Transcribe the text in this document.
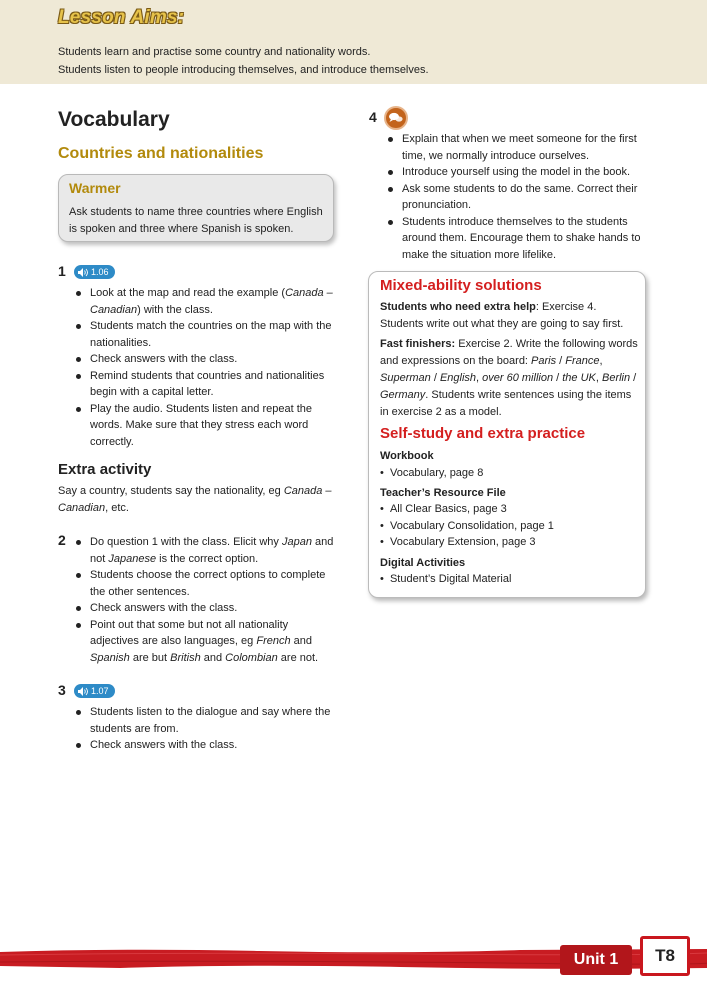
Lesson Aims:
Students learn and practise some country and nationality words.
Students listen to people introducing themselves, and introduce themselves.
Vocabulary
Countries and nationalities
Warmer
Ask students to name three countries where English is spoken and three where Spanish is spoken.
1	1.06
Look at the map and read the example (Canada – Canadian) with the class.
Students match the countries on the map with the nationalities.
Check answers with the class.
Remind students that countries and nationalities begin with a capital letter.
Play the audio. Students listen and repeat the words. Make sure that they stress each word correctly.
Extra activity
Say a country, students say the nationality, eg Canada – Canadian, etc.
2	Do question 1 with the class. Elicit why Japan and not Japanese is the correct option.
Students choose the correct options to complete the other sentences.
Check answers with the class.
Point out that some but not all nationality adjectives are also languages, eg French and Spanish are but British and Colombian are not.
3	1.07
Students listen to the dialogue and say where the students are from.
Check answers with the class.
4
Explain that when we meet someone for the first time, we normally introduce ourselves.
Introduce yourself using the model in the book.
Ask some students to do the same. Correct their pronunciation.
Students introduce themselves to the students around them. Encourage them to shake hands to make the situation more lifelike.
Mixed-ability solutions
Students who need extra help: Exercise 4. Students write out what they are going to say first.
Fast finishers: Exercise 2. Write the following words and expressions on the board: Paris / France, Superman / English, over 60 million / the UK, Berlin / Germany. Students write sentences using the items in exercise 2 as a model.
Self-study and extra practice
Workbook
•  Vocabulary, page 8
Teacher’s Resource File
•  All Clear Basics, page 3
•  Vocabulary Consolidation, page 1
•  Vocabulary Extension, page 3
Digital Activities
•  Student’s Digital Material
Unit 1	T8
